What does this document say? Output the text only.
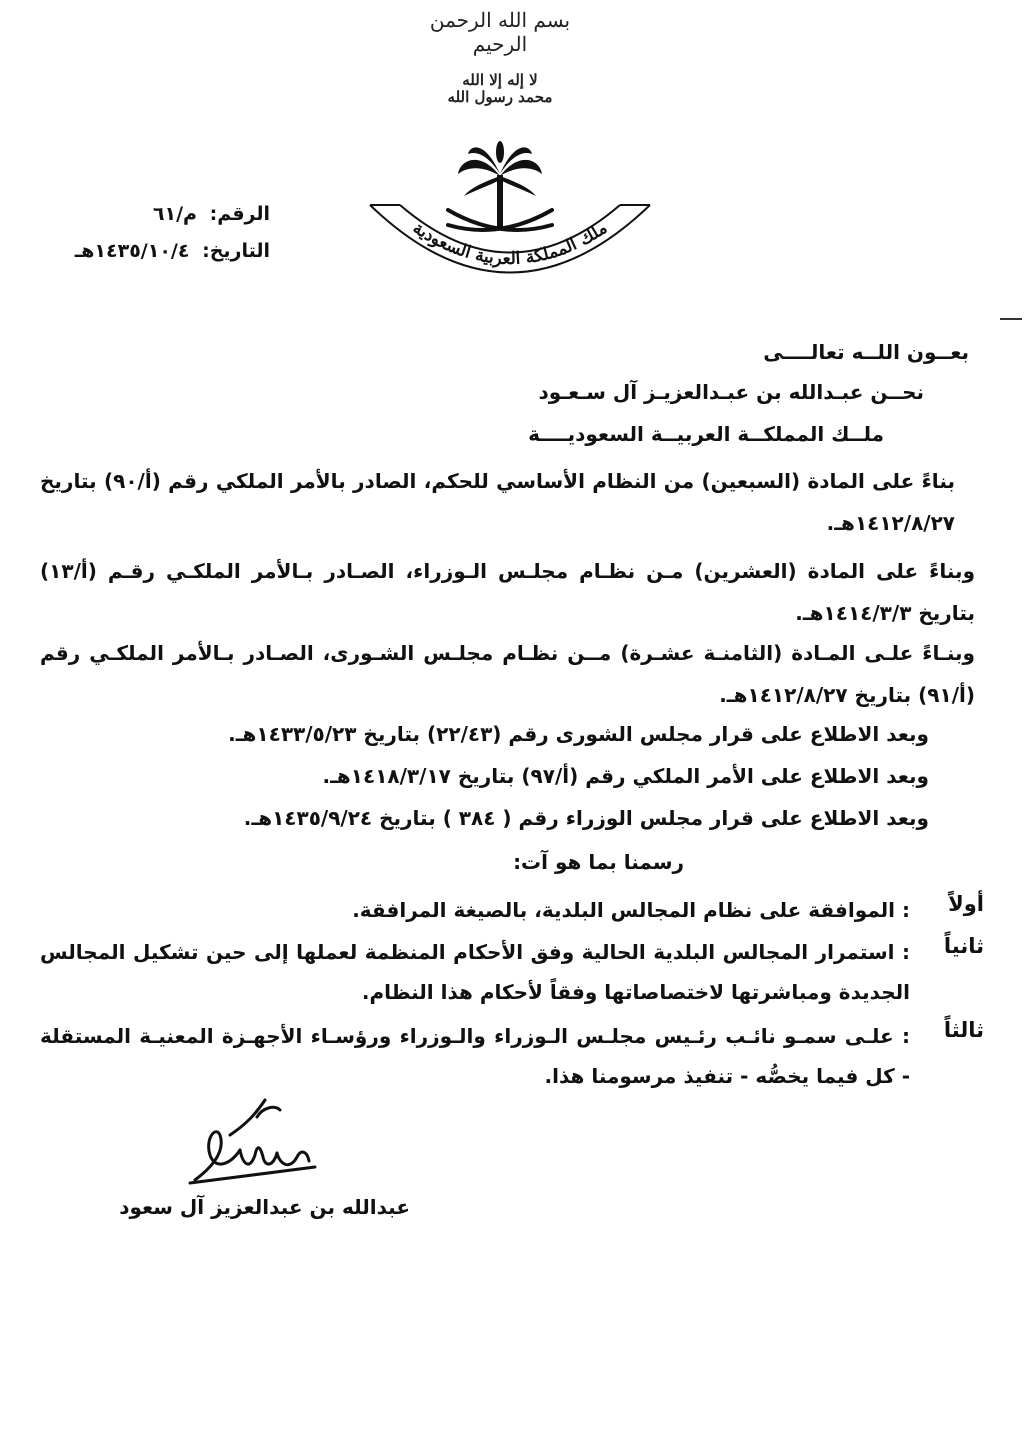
بسم الله الرحمن الرحيم
لا إله إلا الله
محمد رسول الله
ملك المملكة العربية السعودية
الرقم: م/٦١
التاريخ: ١٤٣٥/١٠/٤هـ
بعــون اللــه تعالــــى
نحــن عبـدالله بن عبـدالعزيـز آل سـعـود
ملــك المملكــة العربيــة السعوديــــة
بناءً على المادة (السبعين) من النظام الأساسي للحكم، الصادر بالأمر الملكي رقم (أ/٩٠) بتاريخ ١٤١٢/٨/٢٧هـ.
وبناءً على المادة (العشرين) مـن نظـام مجلـس الـوزراء، الصـادر بـالأمر الملكـي رقـم (أ/١٣) بتاريخ ١٤١٤/٣/٣هـ.
وبنـاءً علـى المـادة (الثامنـة عشـرة) مــن نظـام مجلـس الشـورى، الصـادر بـالأمر الملكـي رقم (أ/٩١) بتاريخ ١٤١٢/٨/٢٧هـ.
وبعد الاطلاع على قرار مجلس الشورى رقم (٢٢/٤٣) بتاريخ ١٤٣٣/٥/٢٣هـ.
وبعد الاطلاع على الأمر الملكي رقم (أ/٩٧) بتاريخ ١٤١٨/٣/١٧هـ.
وبعد الاطلاع على قرار مجلس الوزراء رقم ( ٣٨٤ ) بتاريخ ١٤٣٥/٩/٢٤هـ.
رسمنا بما هو آت:
أولاً
: الموافقة على نظام المجالس البلدية، بالصيغة المرافقة.
ثانياً
: استمرار المجالس البلدية الحالية وفق الأحكام المنظمة لعملها إلى حين تشكيل المجالس الجديدة ومباشرتها لاختصاصاتها وفقاً لأحكام هذا النظام.
ثالثاً
: علـى سمـو نائـب رئـيس مجلـس الـوزراء والـوزراء ورؤسـاء الأجهـزة المعنيـة المستقلة - كل فيما يخصُّه - تنفيذ مرسومنا هذا.
عبدالله بن عبدالعزيز آل سعود
